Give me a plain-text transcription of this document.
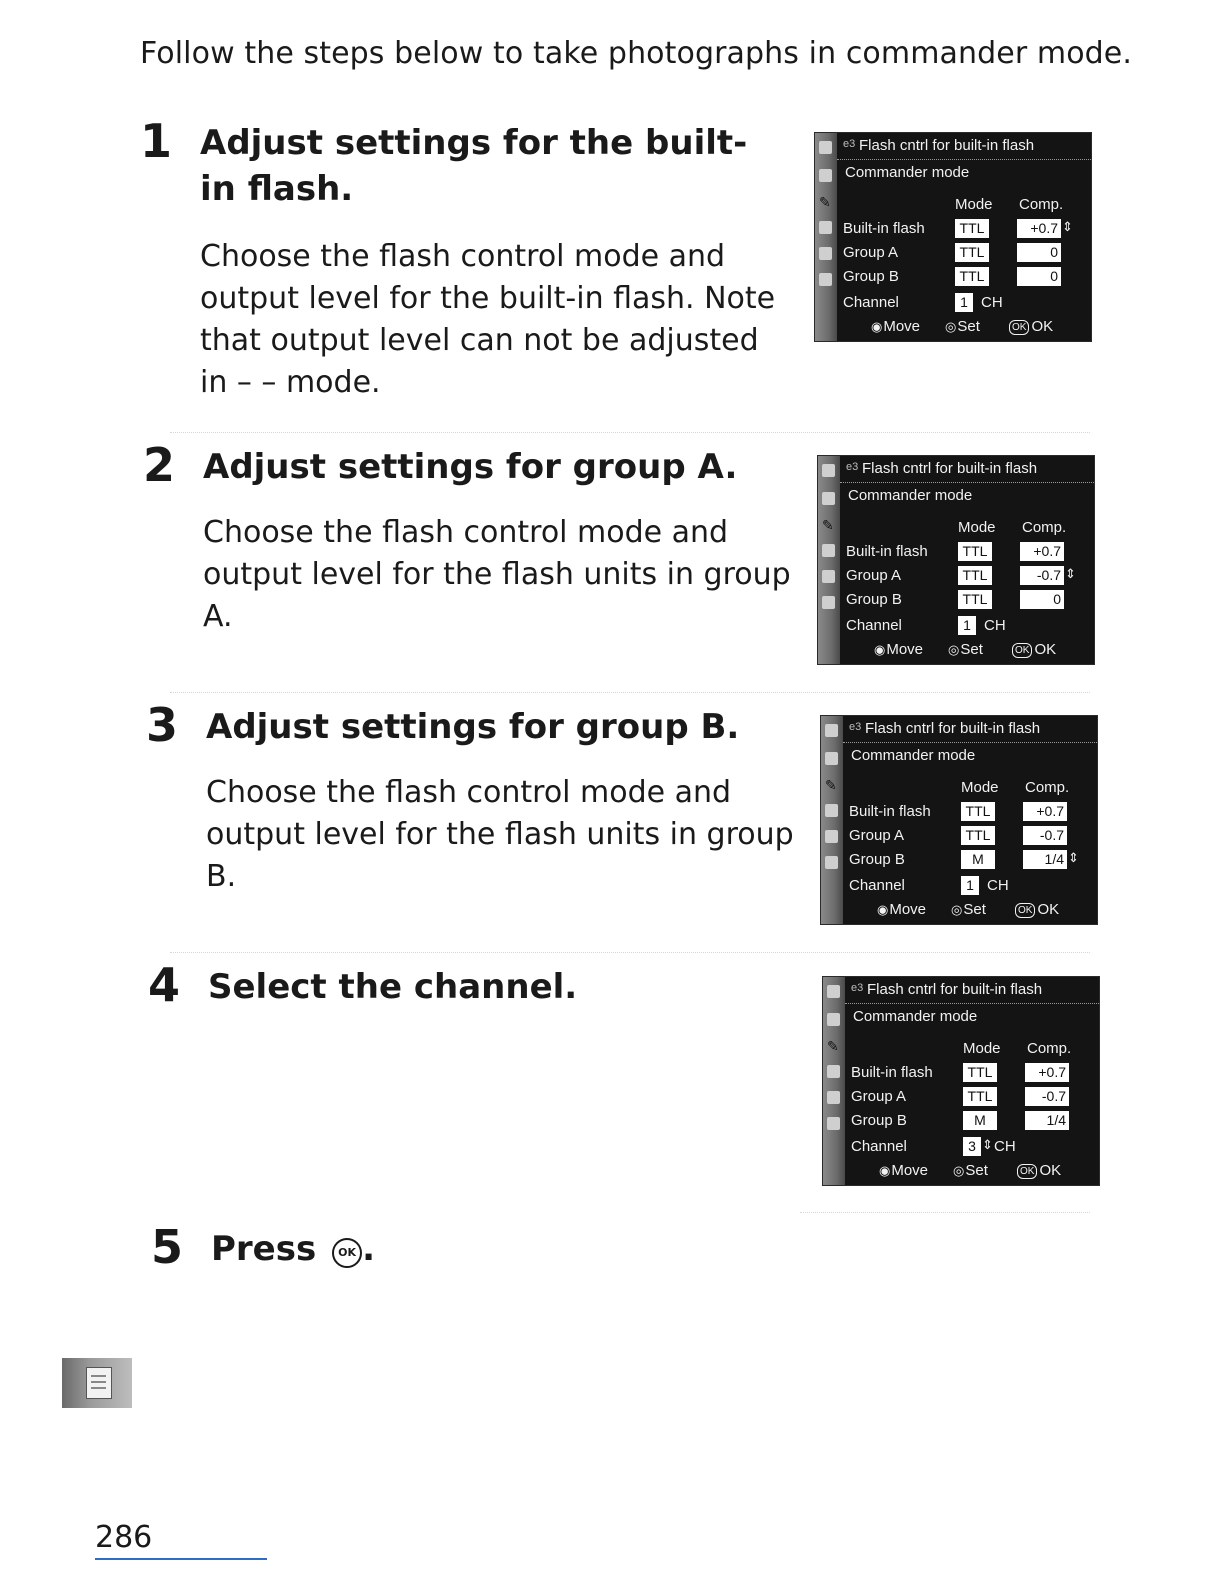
Follow the steps below to take photographs in commander mode.
1 Adjust settings for the built-in flash.
Choose the flash control mode and output level for the built-in flash. Note that output level can not be adjusted in – – mode.
2 Adjust settings for group A.
Choose the flash control mode and output level for the flash units in group A.
3 Adjust settings for group B.
Choose the flash control mode and output level for the flash units in group B.
4 Select the channel.
5 Press OK .
✎
e3 Flash cntrl for built-in flash
Commander mode
Mode Comp.
Built-in flash	TTL	+0.7 ⇕
Group A	TTL	0
Group B	TTL	0
Channel	1 CH
◉Move ◎Set	OK OK
✎
e3 Flash cntrl for built-in flash
Commander mode
Mode Comp.
Built-in flash	TTL	+0.7
Group A	TTL	-0.7 ⇕
Group B	TTL	0
Channel	1 CH
◉Move ◎Set	OK OK
✎
e3 Flash cntrl for built-in flash
Commander mode
Mode Comp.
Built-in flash	TTL	+0.7
Group A	TTL	-0.7
Group B	M	1/4 ⇕
Channel	1 CH
◉Move ◎Set	OK OK
✎
e3 Flash cntrl for built-in flash
Commander mode
Mode Comp.
Built-in flash	TTL	+0.7
Group A	TTL	-0.7
Group B	M	1/4
Channel	3 ⇕ CH
◉Move ◎Set	OK OK
286
